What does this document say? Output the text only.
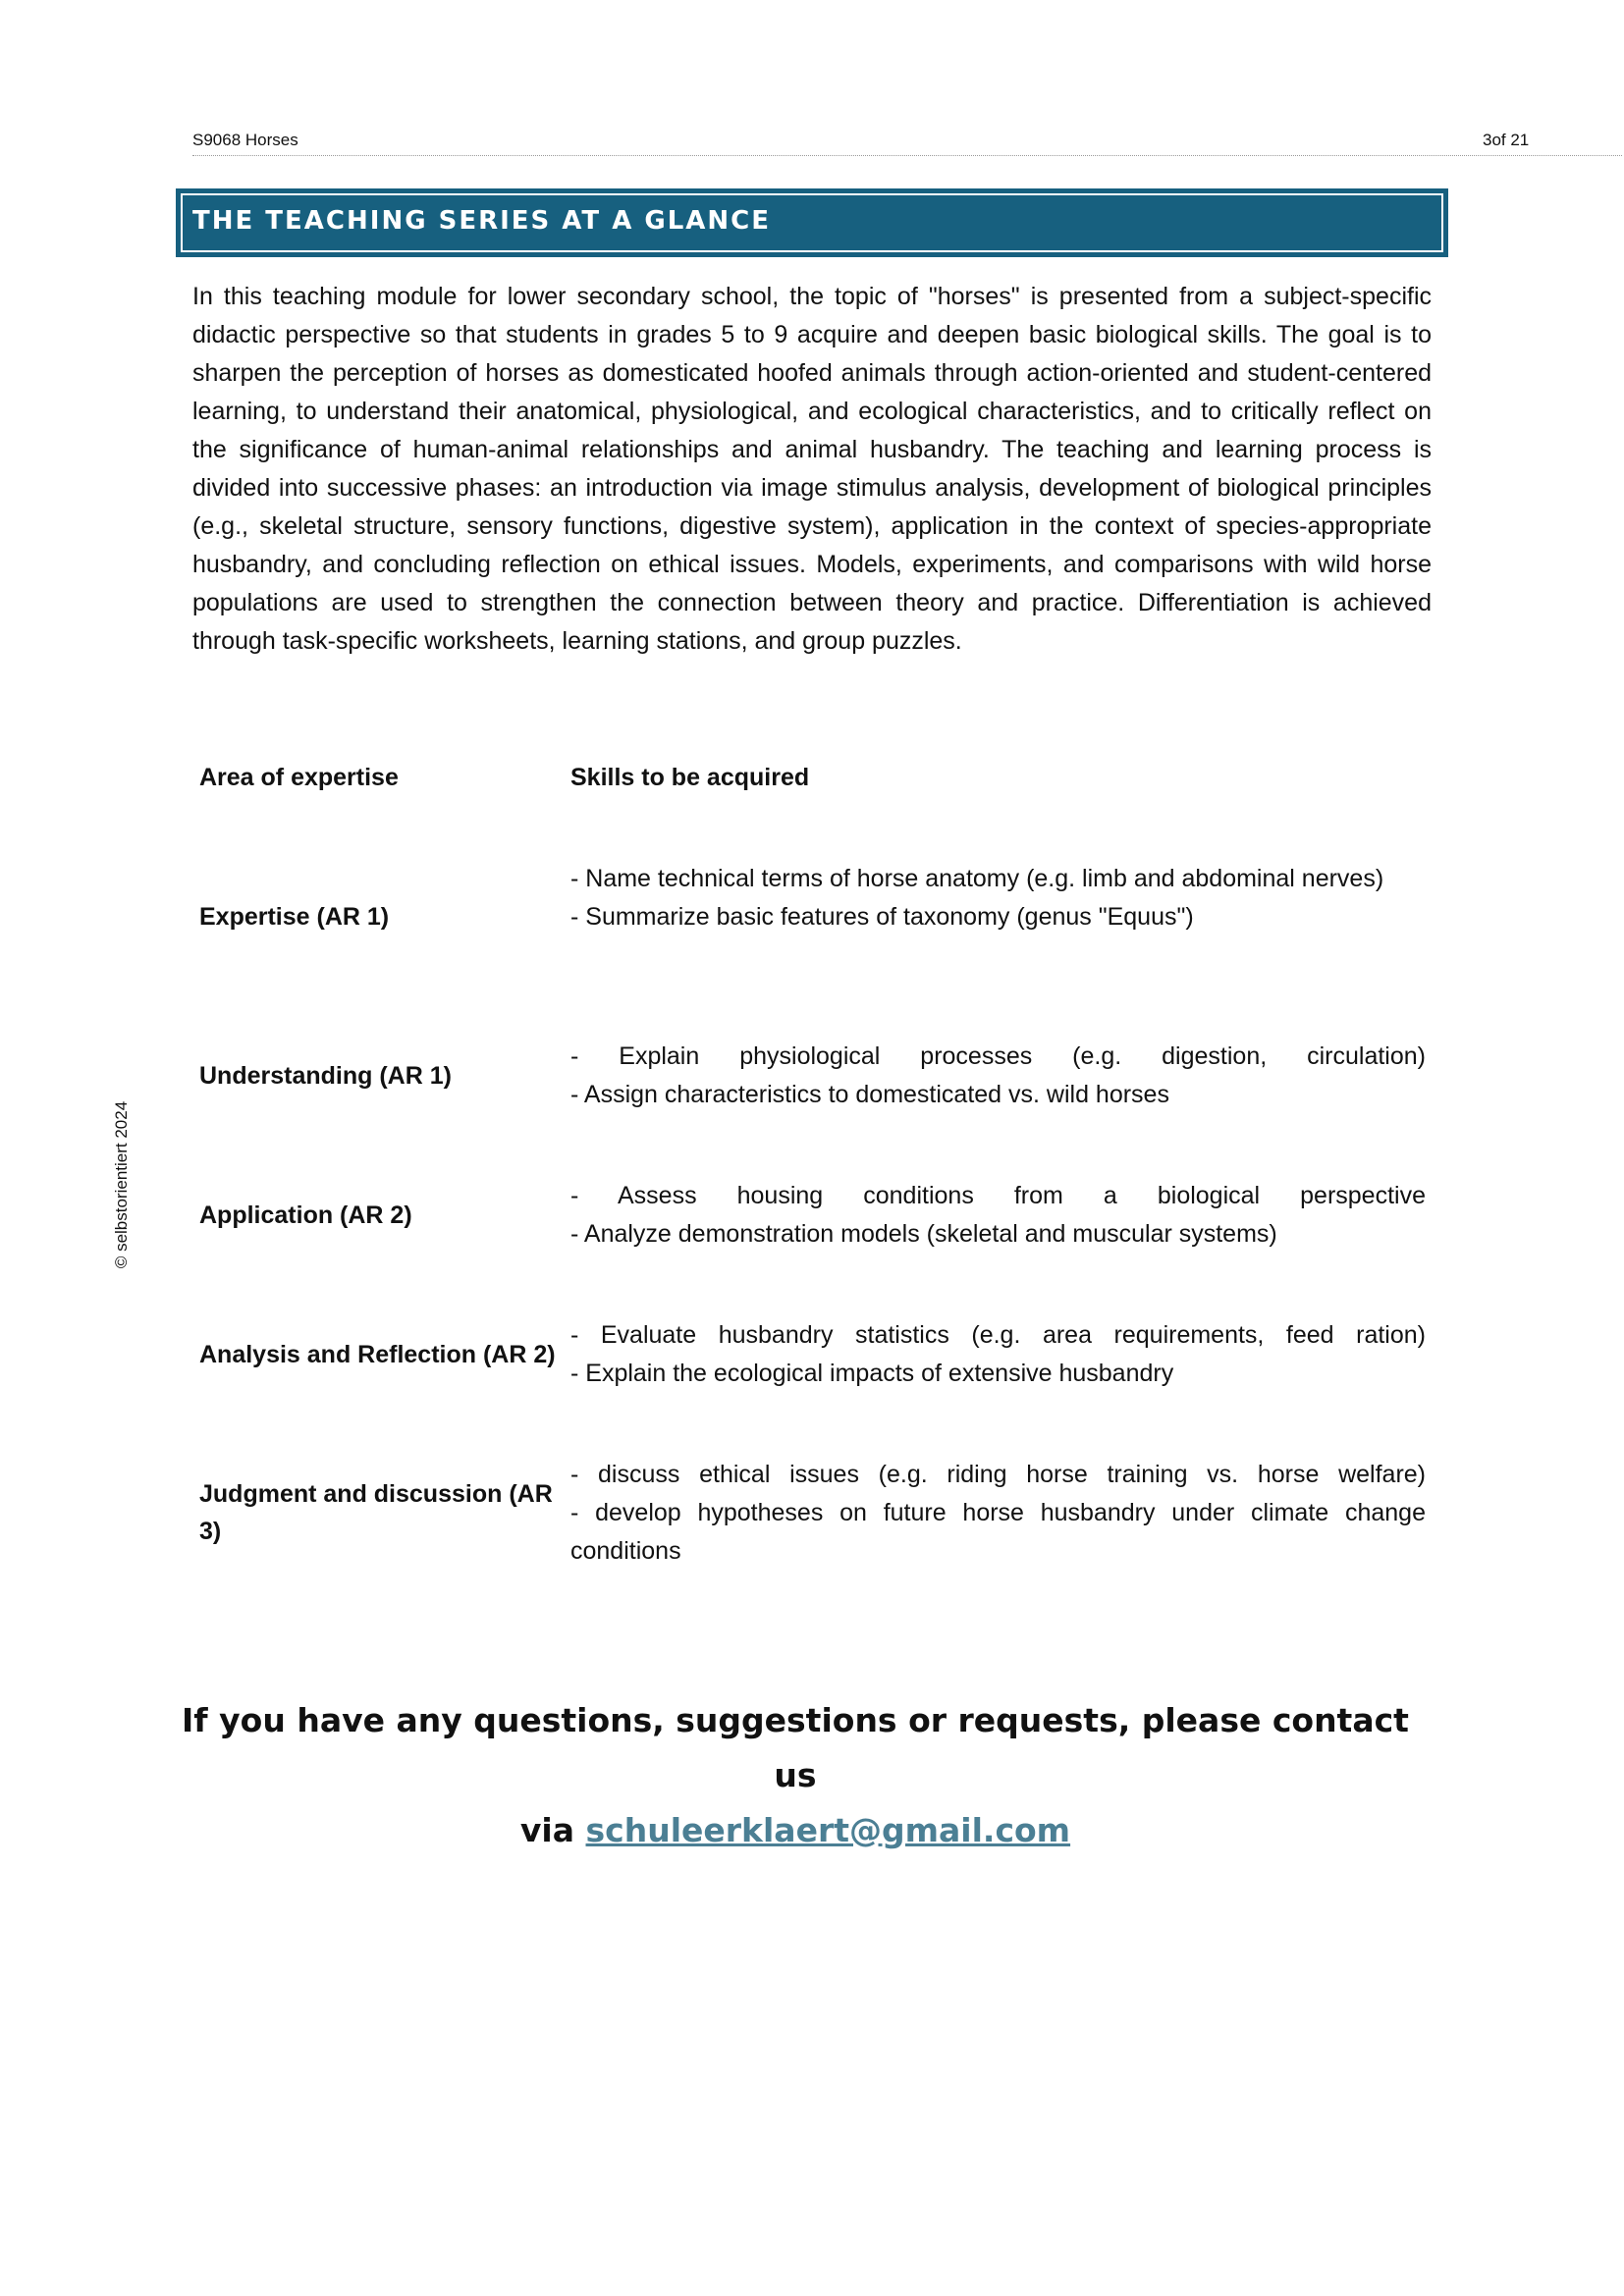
S9068 Horses	3of 21
© selbstorientiert 2024
THE TEACHING SERIES AT A GLANCE

In this teaching module for lower secondary school, the topic of "horses" is presented from a subject-specific didactic perspective so that students in grades 5 to 9 acquire and deepen basic biological skills. The goal is to sharpen the perception of horses as domesticated hoofed animals through action-oriented and student-centered learning, to understand their anatomical, physiological, and ecological characteristics, and to critically reflect on the significance of human-animal relationships and animal husbandry. The teaching and learning process is divided into successive phases: an introduction via image stimulus analysis, development of biological principles (e.g., skeletal structure, sensory functions, digestive system), application in the context of species-appropriate husbandry, and concluding reflection on ethical issues. Models, experiments, and comparisons with wild horse populations are used to strengthen the connection between theory and practice. Differentiation is achieved through task-specific worksheets, learning stations, and group puzzles.

Area of expertise	Skills to be acquired
Expertise (AR 1)
- Name technical terms of horse anatomy (e.g. limb and abdominal nerves)
- Summarize basic features of taxonomy (genus "Equus")
Understanding (AR 1)
- Explain physiological processes (e.g. digestion, circulation)
- Assign characteristics to domesticated vs. wild horses
Application (AR 2)
- Assess housing conditions from a biological perspective
- Analyze demonstration models (skeletal and muscular systems)
Analysis and Reflection (AR 2)
- Evaluate husbandry statistics (e.g. area requirements, feed ration)
- Explain the ecological impacts of extensive husbandry
Judgment and discussion (AR 3)
- discuss ethical issues (e.g. riding horse training vs. horse welfare)
- develop hypotheses on future horse husbandry under climate change conditions
If you have any questions, suggestions or requests, please contact us
via schuleerklaert@gmail.com
